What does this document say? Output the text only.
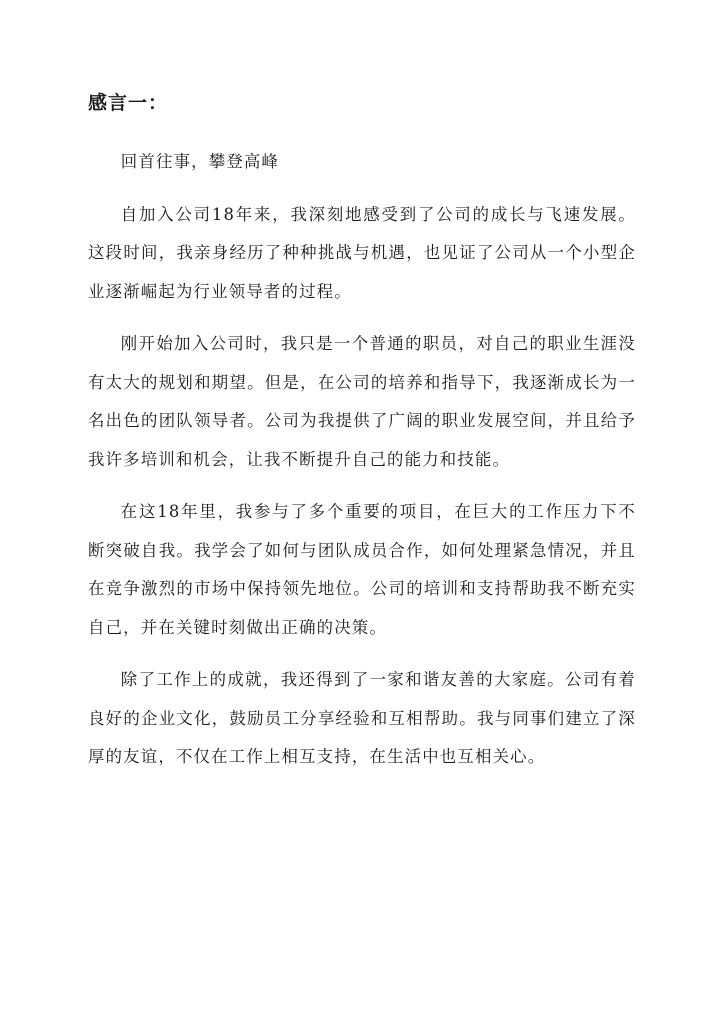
感言一：

回首往事，攀登高峰

自加入公司18年来，我深刻地感受到了公司的成长与飞速发展。这段时间，我亲身经历了种种挑战与机遇，也见证了公司从一个小型企业逐渐崛起为行业领导者的过程。

刚开始加入公司时，我只是一个普通的职员，对自己的职业生涯没有太大的规划和期望。但是，在公司的培养和指导下，我逐渐成长为一名出色的团队领导者。公司为我提供了广阔的职业发展空间，并且给予我许多培训和机会，让我不断提升自己的能力和技能。

在这18年里，我参与了多个重要的项目，在巨大的工作压力下不断突破自我。我学会了如何与团队成员合作，如何处理紧急情况，并且在竞争激烈的市场中保持领先地位。公司的培训和支持帮助我不断充实自己，并在关键时刻做出正确的决策。

除了工作上的成就，我还得到了一家和谐友善的大家庭。公司有着良好的企业文化，鼓励员工分享经验和互相帮助。我与同事们建立了深厚的友谊，不仅在工作上相互支持，在生活中也互相关心。
